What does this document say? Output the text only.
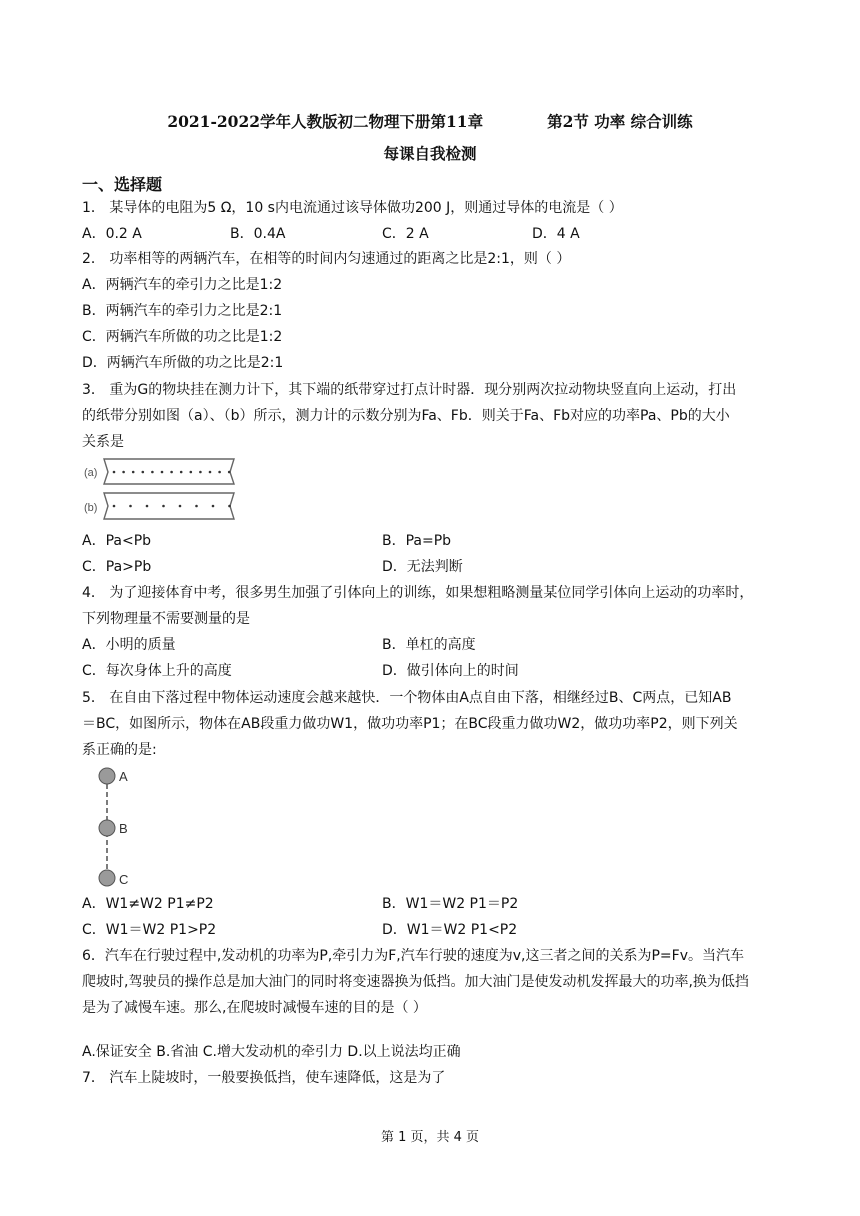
2021-2022学年人教版初二物理下册第11章	第2节 功率 综合训练
每课自我检测
一、选择题
1． 某导体的电阻为5 Ω，10 s内电流通过该导体做功200 J，则通过导体的电流是（ ）
A．0.2 A	B．0.4A	C．2 A	D．4 A
2． 功率相等的两辆汽车，在相等的时间内匀速通过的距离之比是2:1，则（ ）
A．两辆汽车的牵引力之比是1:2
B．两辆汽车的牵引力之比是2:1
C．两辆汽车所做的功之比是1:2
D．两辆汽车所做的功之比是2:1
3． 重为G的物块挂在测力计下，其下端的纸带穿过打点计时器．现分别两次拉动物块竖直向上运动，打出
的纸带分别如图（a）、（b）所示，测力计的示数分别为Fa、Fb．则关于Fa、Fb对应的功率Pa、Pb的大小
关系是
(a)
(b)
A．Pa<Pb	B．Pa=Pb
C．Pa>Pb	D．无法判断
4． 为了迎接体育中考，很多男生加强了引体向上的训练，如果想粗略测量某位同学引体向上运动的功率时，
下列物理量不需要测量的是
A．小明的质量	B．单杠的高度
C．每次身体上升的高度	D．做引体向上的时间
5． 在自由下落过程中物体运动速度会越来越快．一个物体由A点自由下落，相继经过B、C两点，已知AB
＝BC，如图所示，物体在AB段重力做功W1，做功功率P1；在BC段重力做功W2，做功功率P2，则下列关
系正确的是:
A
B
C
A．W1≠W2 P1≠P2	B．W1＝W2 P1＝P2
C．W1＝W2 P1>P2	D．W1＝W2 P1<P2
6．汽车在行驶过程中,发动机的功率为P,牵引力为F,汽车行驶的速度为v,这三者之间的关系为P=Fv。当汽车
爬坡时,驾驶员的操作总是加大油门的同时将变速器换为低挡。加大油门是使发动机发挥最大的功率,换为低挡
是为了减慢车速。那么,在爬坡时减慢车速的目的是（ ）
A.保证安全 B.省油 C.增大发动机的牵引力 D.以上说法均正确
7． 汽车上陡坡时，一般要换低挡，使车速降低，这是为了
第 1 页，共 4 页
